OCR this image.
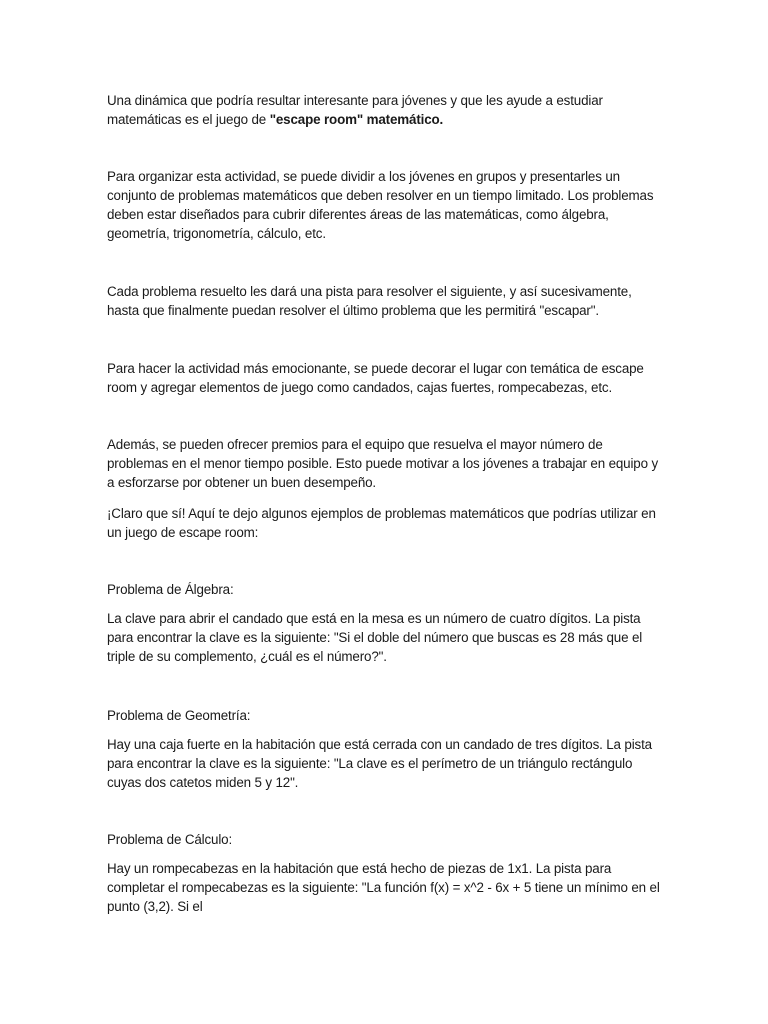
Una dinámica que podría resultar interesante para jóvenes y que les ayude a estudiar matemáticas es el juego de "escape room" matemático.

Para organizar esta actividad, se puede dividir a los jóvenes en grupos y presentarles un conjunto de problemas matemáticos que deben resolver en un tiempo limitado. Los problemas deben estar diseñados para cubrir diferentes áreas de las matemáticas, como álgebra, geometría, trigonometría, cálculo, etc.

Cada problema resuelto les dará una pista para resolver el siguiente, y así sucesivamente, hasta que finalmente puedan resolver el último problema que les permitirá "escapar".

Para hacer la actividad más emocionante, se puede decorar el lugar con temática de escape room y agregar elementos de juego como candados, cajas fuertes, rompecabezas, etc.

Además, se pueden ofrecer premios para el equipo que resuelva el mayor número de problemas en el menor tiempo posible. Esto puede motivar a los jóvenes a trabajar en equipo y a esforzarse por obtener un buen desempeño.

¡Claro que sí! Aquí te dejo algunos ejemplos de problemas matemáticos que podrías utilizar en un juego de escape room:

Problema de Álgebra:

La clave para abrir el candado que está en la mesa es un número de cuatro dígitos. La pista para encontrar la clave es la siguiente: "Si el doble del número que buscas es 28 más que el triple de su complemento, ¿cuál es el número?".

Problema de Geometría:

Hay una caja fuerte en la habitación que está cerrada con un candado de tres dígitos. La pista para encontrar la clave es la siguiente: "La clave es el perímetro de un triángulo rectángulo cuyas dos catetos miden 5 y 12".

Problema de Cálculo:

Hay un rompecabezas en la habitación que está hecho de piezas de 1x1. La pista para completar el rompecabezas es la siguiente: "La función f(x) = x^2 - 6x + 5 tiene un mínimo en el punto (3,2). Si el
